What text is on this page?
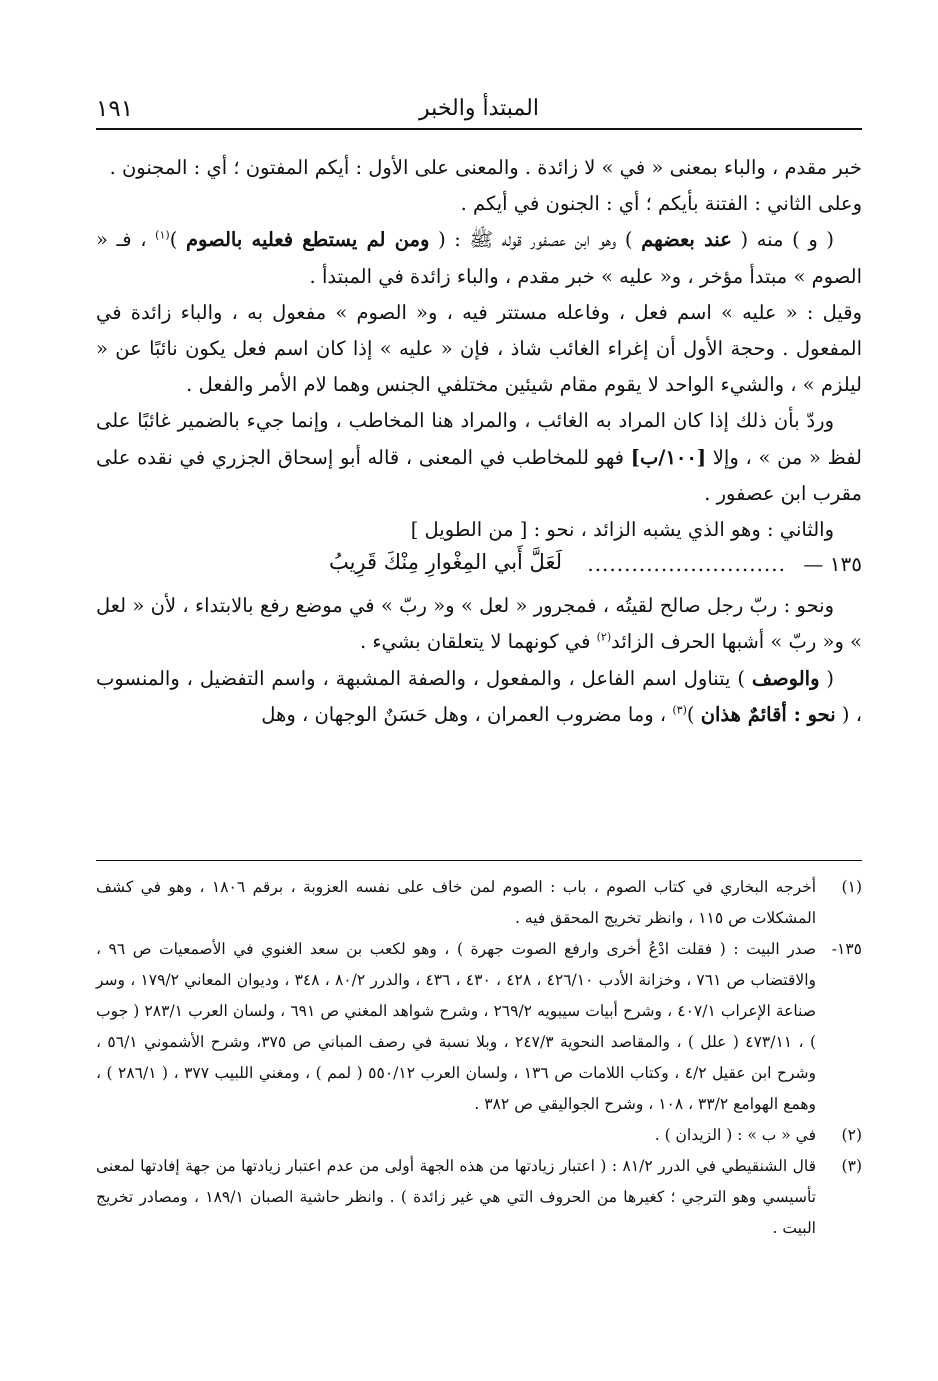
المبتدأ والخبر
١٩١

خبر مقدم ، والباء بمعنى « في » لا زائدة . والمعنى على الأول : أيكم المفتون ؛ أي : المجنون .

وعلى الثاني : الفتنة بأيكم ؛ أي : الجنون في أيكم .

( و ) منه ( عند بعضهم ) وهو ابن عصفور قوله ﷺ : ( ومن لم يستطع فعليه بالصوم )$^{(١)}$ ، فـ « الصوم » مبتدأ مؤخر ، و« عليه » خبر مقدم ، والباء زائدة في المبتدأ .

وقيل : « عليه » اسم فعل ، وفاعله مستتر فيه ، و« الصوم » مفعول به ، والباء زائدة في المفعول . وحجة الأول أن إغراء الغائب شاذ ، فإن « عليه » إذا كان اسم فعل يكون نائبًا عن « ليلزم » ، والشيء الواحد لا يقوم مقام شيئين مختلفي الجنس وهما لام الأمر والفعل .

وردّ بأن ذلك إذا كان المراد به الغائب ، والمراد هنا المخاطب ، وإنما جيء بالضمير غائبًا على لفظ « من » ، وإلا [١٠٠/ب] فهو للمخاطب في المعنى ، قاله أبو إسحاق الجزري في نقده على مقرب ابن عصفور .

والثاني : وهو الذي يشبه الزائد ، نحو : [ من الطويل ]

١٣٥ —
...........................
لَعَلَّ أَبي المِغْوارِ مِنْكَ قَرِيبُ

ونحو : ربّ رجل صالح لقيتُه ، فمجرور « لعل » و« ربّ » في موضع رفع بالابتداء ، لأن « لعل » و« ربّ » أشبها الحرف الزائد$^{(٢)}$ في كونهما لا يتعلقان بشيء .

( والوصف ) يتناول اسم الفاعل ، والمفعول ، والصفة المشبهة ، واسم التفضيل ، والمنسوب ، ( نحو : أقائمٌ هذان )$^{(٣)}$ ، وما مضروب العمران ، وهل حَسَنٌ الوجهان ، وهل

(١)
أخرجه البخاري في كتاب الصوم ، باب : الصوم لمن خاف على نفسه العزوبة ، برقم ١٨٠٦ ، وهو في كشف المشكلات ص ١١٥ ، وانظر تخريج المحقق فيه .
١٣٥-
صدر البيت : ( فقلت ادْعُ أخرى وارفع الصوت جهرة ) ، وهو لكعب بن سعد الغنوي في الأصمعيات ص ٩٦ ، والاقتضاب ص ٧٦١ ، وخزانة الأدب ٤٢٦/١٠ ، ٤٢٨ ، ٤٣٠ ، ٤٣٦ ، والدرر ٨٠/٢ ، ٣٤٨ ، وديوان المعاني ١٧٩/٢ ، وسر صناعة الإعراب ٤٠٧/١ ، وشرح أبيات سيبويه ٢٦٩/٢ ، وشرح شواهد المغني ص ٦٩١ ، ولسان العرب ٢٨٣/١ ( جوب ) ، ٤٧٣/١١ ( علل ) ، والمقاصد النحوية ٢٤٧/٣ ، وبلا نسبة في رصف المباني ص ٣٧٥، وشرح الأشموني ٥٦/١ ، وشرح ابن عقيل ٤/٢ ، وكتاب اللامات ص ١٣٦ ، ولسان العرب ٥٥٠/١٢ ( لمم ) ، ومغني اللبيب ٣٧٧ ، ( ٢٨٦/١ ) ، وهمع الهوامع ٣٣/٢ ، ١٠٨ ، وشرح الجواليقي ص ٣٨٢ .
(٢)
في « ب » : ( الزيدان ) .
(٣)
قال الشنقيطي في الدرر ٨١/٢ : ( اعتبار زيادتها من هذه الجهة أولى من عدم اعتبار زيادتها من جهة إفادتها لمعنى تأسيسي وهو الترجي ؛ كغيرها من الحروف التي هي غير زائدة ) . وانظر حاشية الصبان ١٨٩/١ ، ومصادر تخريج البيت .
